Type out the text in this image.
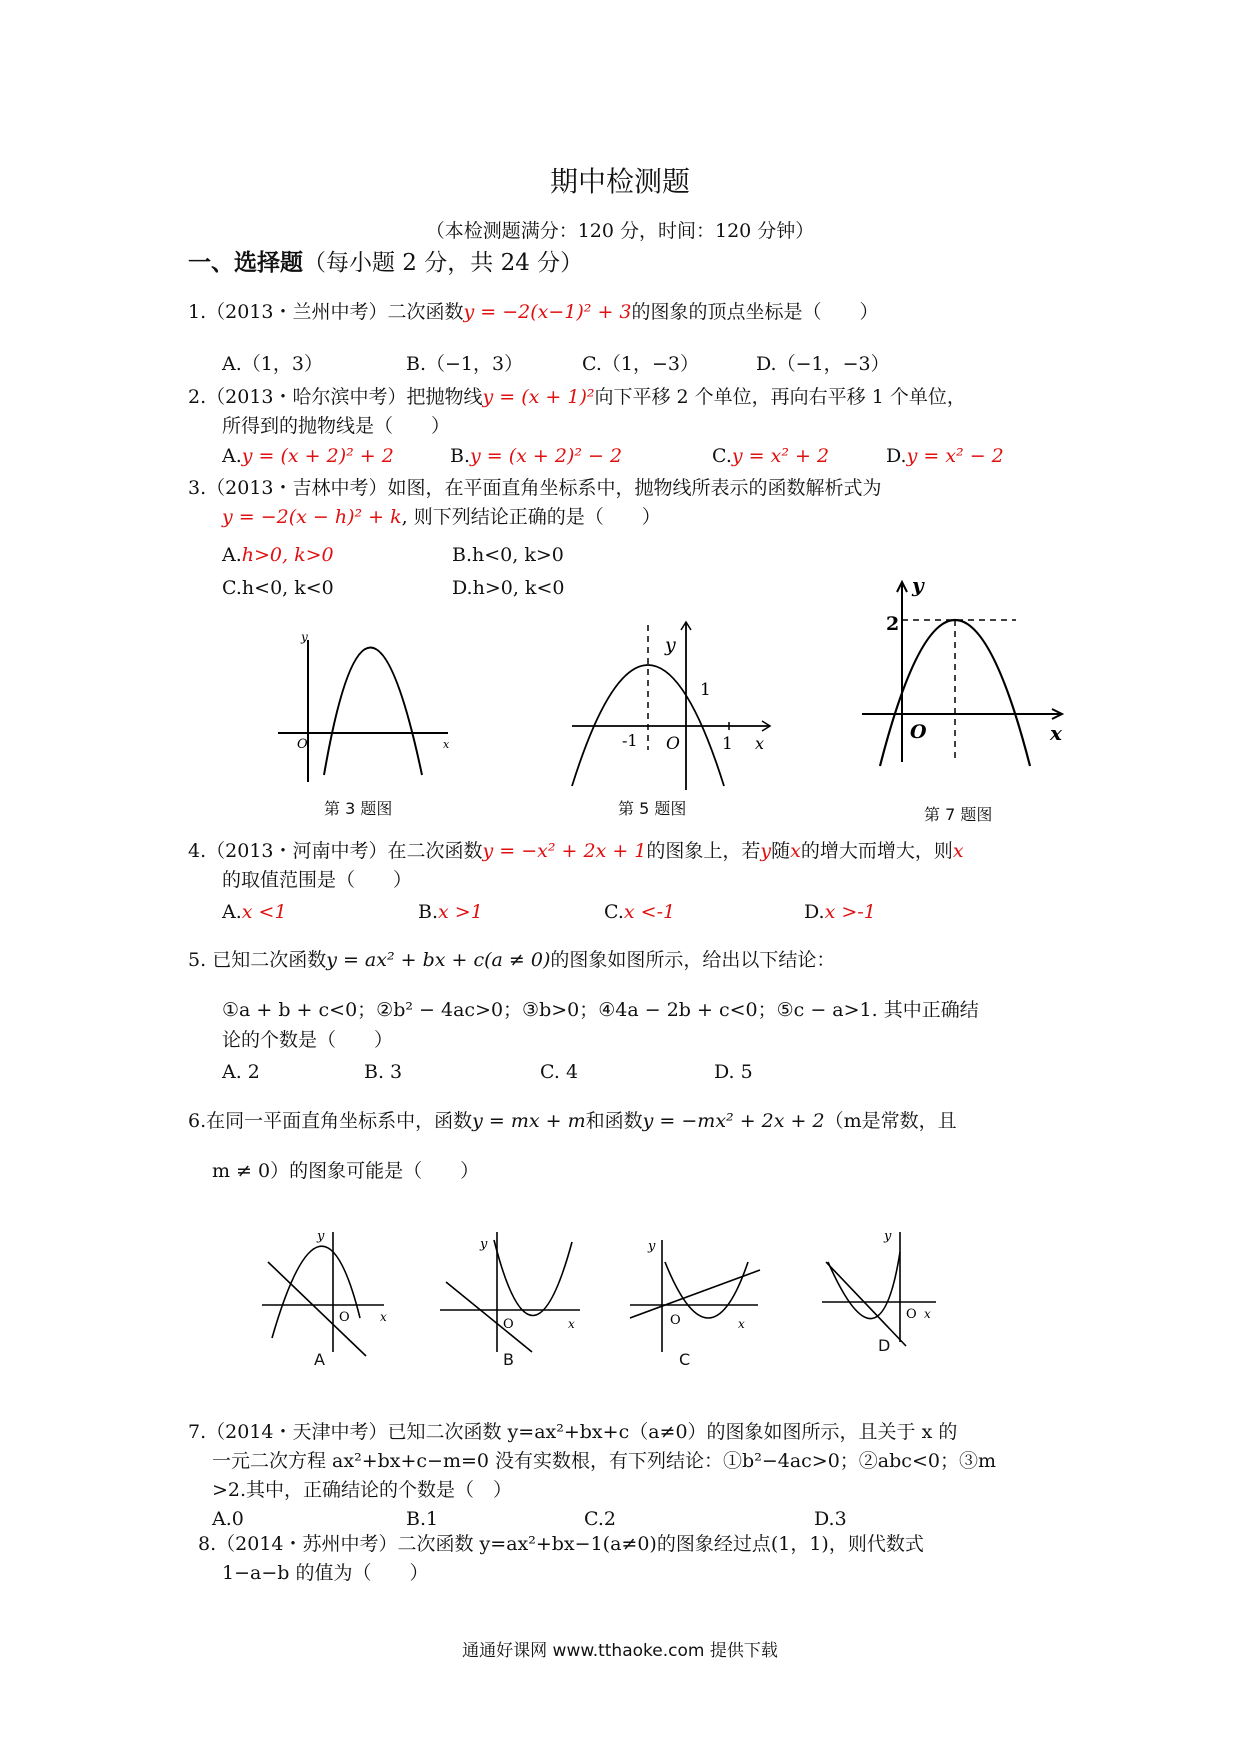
期中检测题
（本检测题满分：120 分，时间：120 分钟）
一、选择题（每小题 2 分，共 24 分）
1.（2013・兰州中考）二次函数y = −2(x−1)² + 3的图象的顶点坐标是（　　）
A.（1，3）	B.（−1，3）	C.（1，−3）	D.（−1，−3）
2.（2013・哈尔滨中考）把抛物线y = (x + 1)²向下平移 2 个单位，再向右平移 1 个单位，
所得到的抛物线是（　　）
A.y = (x + 2)² + 2	B.y = (x + 2)² − 2	C.y = x² + 2	D.y = x² − 2
3.（2013・吉林中考）如图，在平面直角坐标系中，抛物线所表示的函数解析式为
y = −2(x − h)² + k, 则下列结论正确的是（　　）
A.h>0, k>0	B.h<0, k>0
C.h<0, k<0	D.h>0, k<0
y
O	x
y
1
-1 O 1 x
y
2
O	x
y
O	x
y
O	x
y
O	x
y
O x
第 3 题图	第 5 题图	第 7 题图
4.（2013・河南中考）在二次函数y = −x² + 2x + 1的图象上，若y随x的增大而增大，则x
的取值范围是（　　）
A.x <1	B.x >1	C.x <-1	D.x >-1
5. 已知二次函数y = ax² + bx + c(a ≠ 0)的图象如图所示，给出以下结论：
①a + b + c<0；②b² − 4ac>0；③b>0；④4a − 2b + c<0；⑤c − a>1. 其中正确结
论的个数是（　　）
A. 2	B. 3	C. 4	D. 5
6.在同一平面直角坐标系中，函数y = mx + m和函数y = −mx² + 2x + 2（m是常数，且
m ≠ 0）的图象可能是（　　）
A	B	C
D
7.（2014・天津中考）已知二次函数 y=ax²+bx+c（a≠0）的图象如图所示，且关于 x 的
一元二次方程 ax²+bx+c−m=0 没有实数根，有下列结论：①b²−4ac>0；②abc<0；③m
>2.其中，正确结论的个数是（　）
A.0	B.1	C.2	D.3
8.（2014・苏州中考）二次函数 y=ax²+bx−1(a≠0)的图象经过点(1，1)，则代数式
1−a−b 的值为（　　）
通通好课网 www.tthaoke.com 提供下载
